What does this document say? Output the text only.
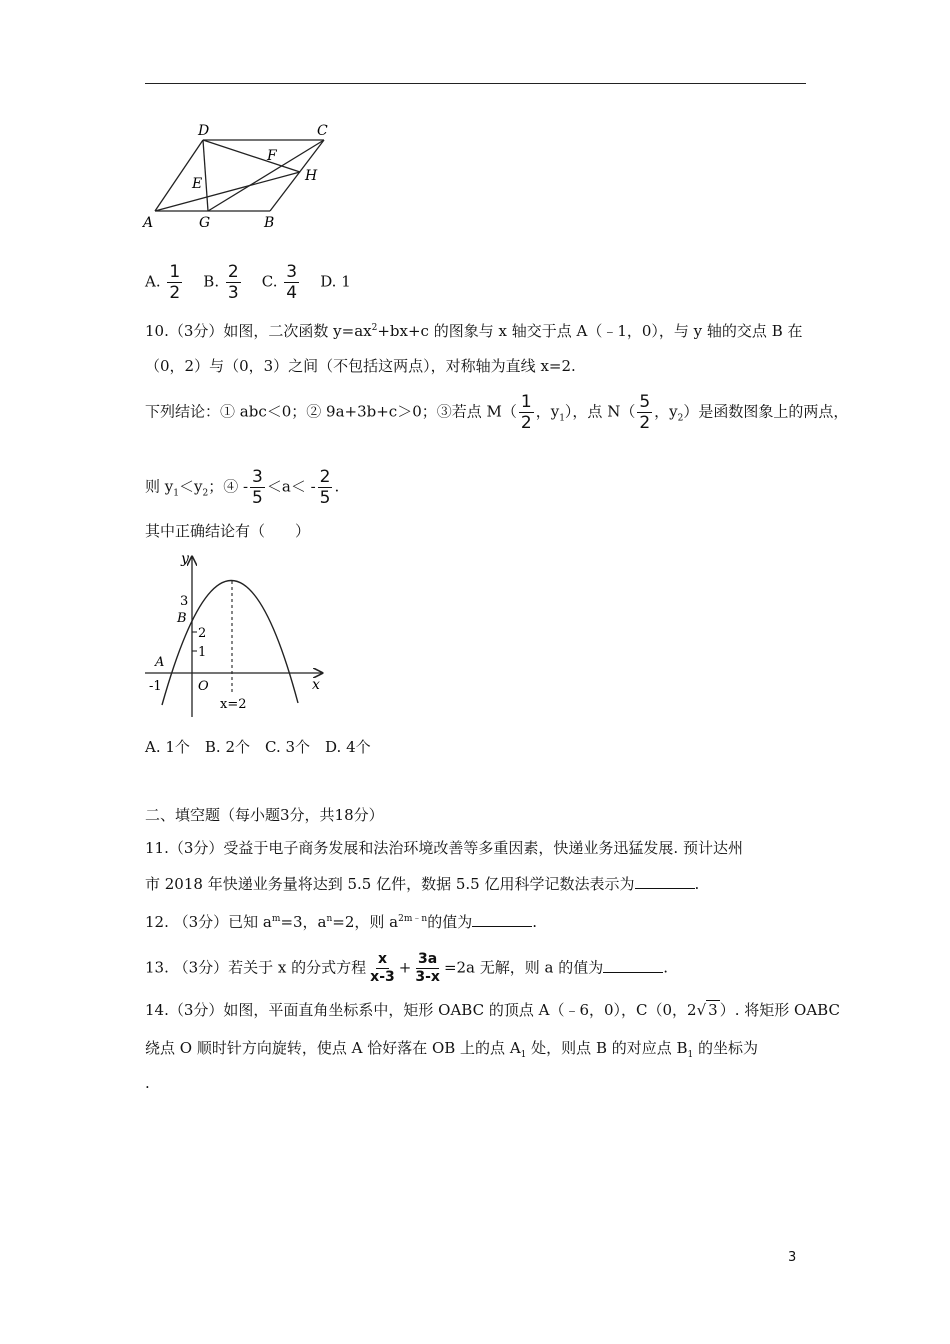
D	C
F
E	H
A	G	B
A. $\frac{1}{2} B$. $\frac{2}{3} C$. $\frac{3}{4} D$. 1
10.（3分）如图，二次函数 $y=ax^2+bx+c$ 的图象与 x 轴交于点 A（﹣1，0），与 y 轴的交点 B 在
（0，2）与（0，3）之间（不包括这两点），对称轴为直线 x=2.
下列结论：① abc＜0；② 9a+3b+c＞0；③若点 $M( \frac{1}{2}$ ，$y_1$），点 $N( \frac{5}{2}$ ，$y_2$）是函数图象上的两点，
则 $y_1<y_2$；④ - $\frac{3}{5} <a< - \frac{2}{5}$ .
其中正确结论有（　　）
y
x
3
B
2
1
A
-1	O
x=2
A. 1个　B. 2个　C. 3个　D. 4个
二、填空题（每小题3分，共18分）
11.（3分）受益于电子商务发展和法治环境改善等多重因素，快递业务迅猛发展. 预计达州
市 2018 年快递业务量将达到 5.5 亿件，数据 5.5 亿用科学记数法表示为	.
12. （3分）已知 $a^m=3$，$a^n=2$，则 $a^{2m﹣n}$的值为	.
13. （3分）若关于 x 的分式方程 $\frac{x}{x-3} + \frac{3a}{3-x} =2a$ 无解，则 a 的值为	.
14.（3分）如图，平面直角坐标系中，矩形 OABC 的顶点 A（﹣6，0），C（0，2√ 3 ）. 将矩形 OABC
绕点 O 顺时针方向旋转，使点 A 恰好落在 OB 上的点 $A_1$ 处，则点 B 的对应点 $B_1$ 的坐标为
.
3
